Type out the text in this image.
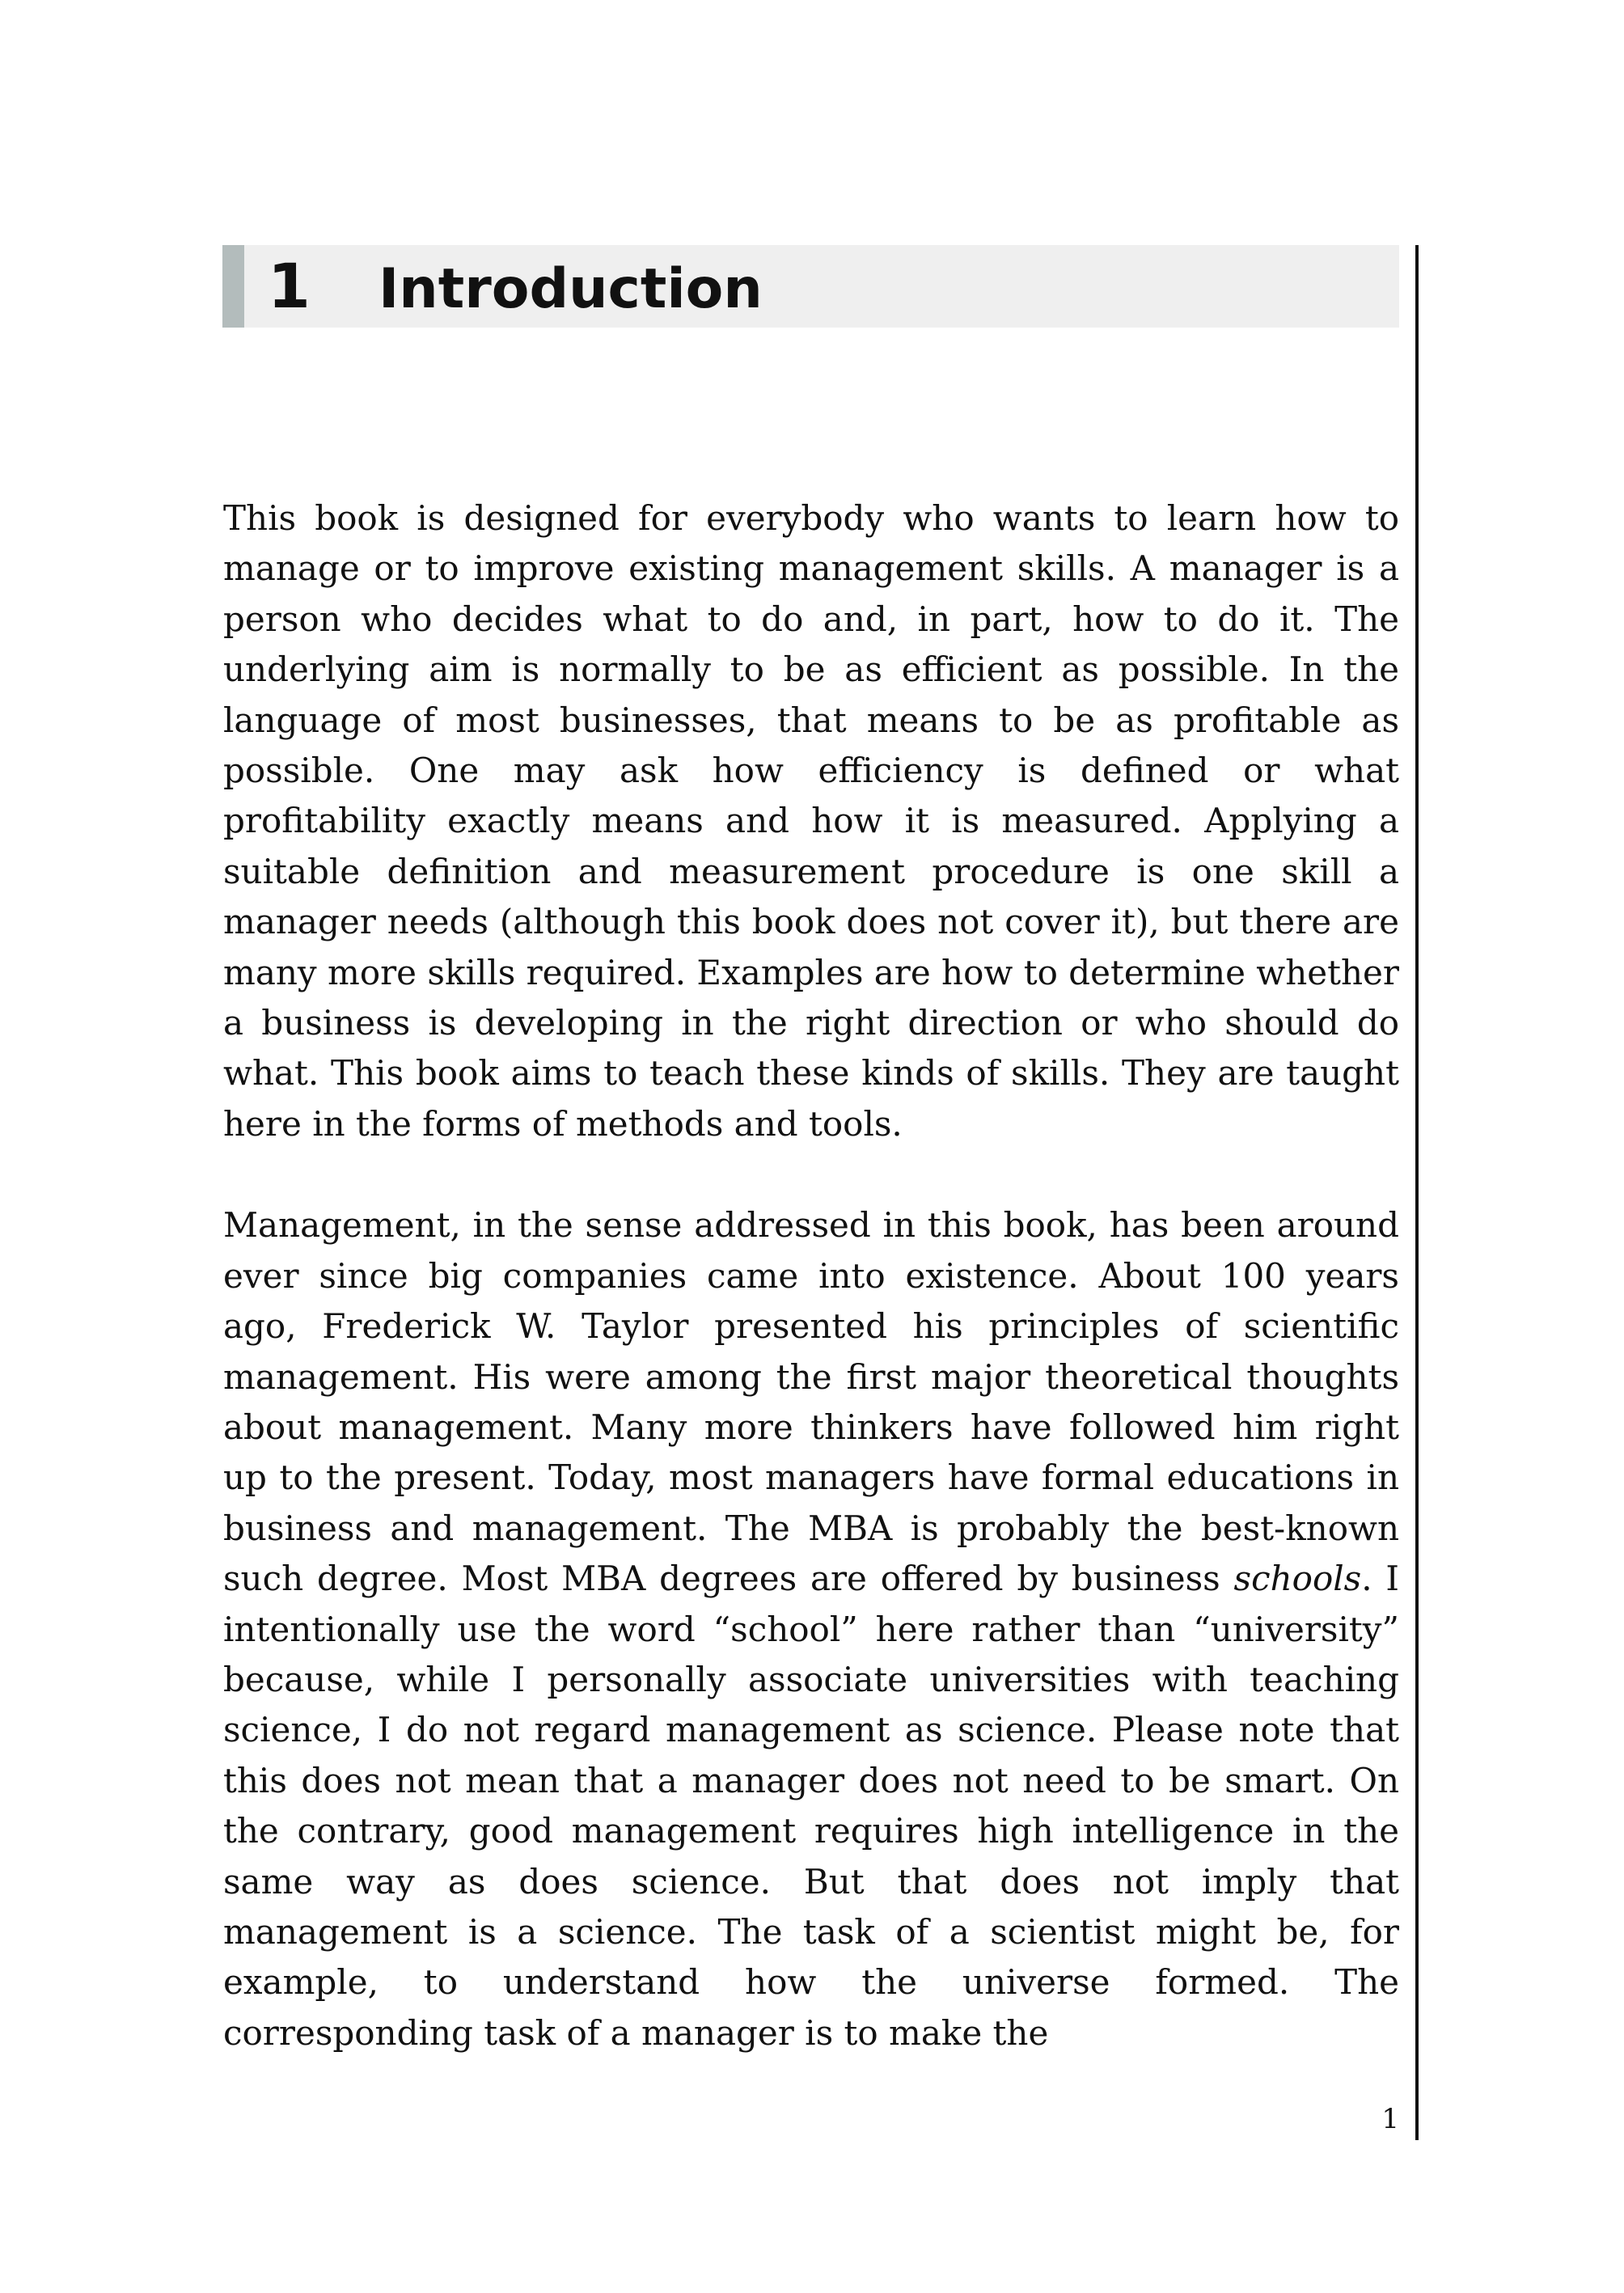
1 Introduction

This book is designed for everybody who wants to learn how to manage or to improve existing management skills. A manager is a person who decides what to do and, in part, how to do it. The underlying aim is normally to be as efficient as possible. In the language of most businesses, that means to be as profitable as possible. One may ask how efficiency is defined or what profitability exactly means and how it is measured. Applying a suitable definition and measurement procedure is one skill a manager needs (although this book does not cover it), but there are many more skills required. Examples are how to determine whether a business is developing in the right direction or who should do what. This book aims to teach these kinds of skills. They are taught here in the forms of methods and tools.

Management, in the sense addressed in this book, has been around ever since big companies came into existence. About 100 years ago, Frederick W. Taylor presented his principles of scientific management. His were among the first major theoretical thoughts about management. Many more thinkers have followed him right up to the present. Today, most managers have formal educations in business and management. The MBA is probably the best-known such degree. Most MBA degrees are offered by business schools. I intentionally use the word “school” here rather than “university” because, while I personally associate universities with teaching science, I do not regard management as science. Please note that this does not mean that a manager does not need to be smart. On the contrary, good management requires high intelligence in the same way as does science. But that does not imply that management is a science. The task of a scientist might be, for example, to understand how the universe formed. The corresponding task of a manager is to make the

1
